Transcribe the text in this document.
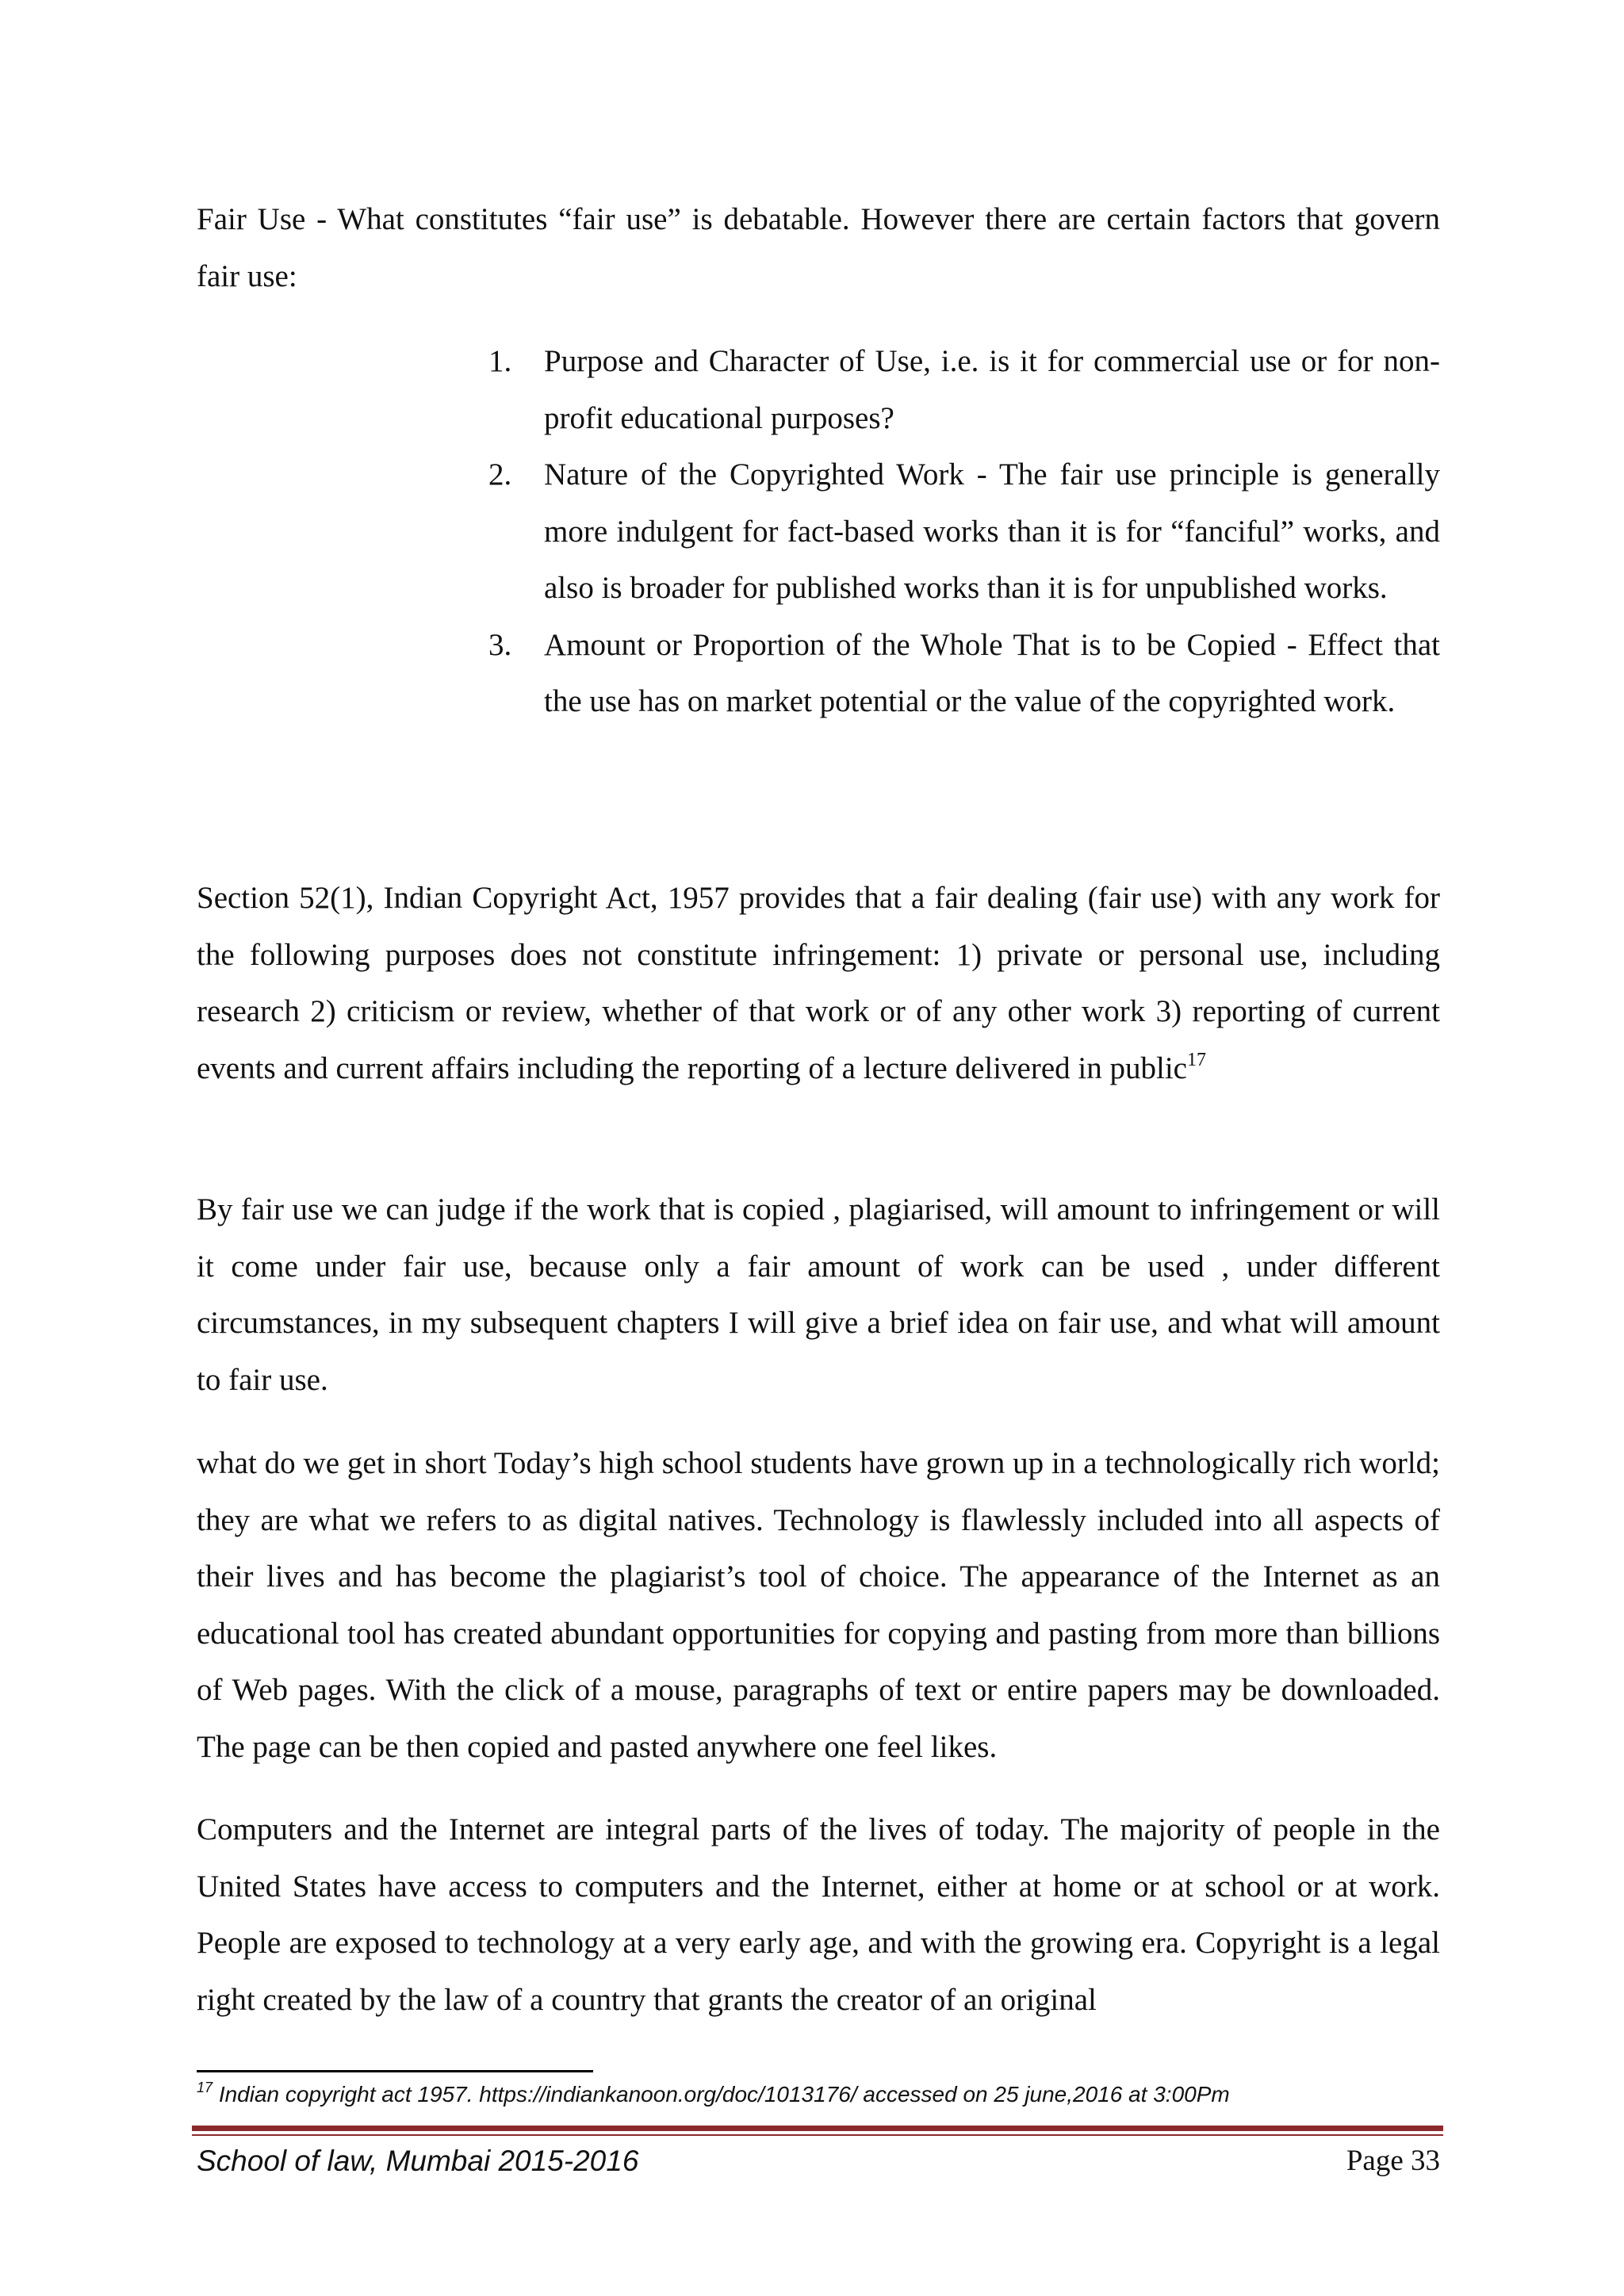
Fair Use - What constitutes “fair use” is debatable. However there are certain factors that govern fair use:

1. Purpose and Character of Use, i.e. is it for commercial use or for non-profit educational purposes?
2. Nature of the Copyrighted Work - The fair use principle is generally more indulgent for fact-based works than it is for “fanciful” works, and also is broader for published works than it is for unpublished works.
3. Amount or Proportion of the Whole That is to be Copied - Effect that the use has on market potential or the value of the copyrighted work.

Section 52(1), Indian Copyright Act, 1957 provides that a fair dealing (fair use) with any work for the following purposes does not constitute infringement: 1) private or personal use, including research 2) criticism or review, whether of that work or of any other work 3) reporting of current events and current affairs including the reporting of a lecture delivered in public$^{17}$

By fair use we can judge if the work that is copied , plagiarised, will amount to infringement or will it come under fair use, because only a fair amount of work can be used , under different circumstances, in my subsequent chapters I will give a brief idea on fair use, and what will amount to fair use.

what do we get in short Today’s high school students have grown up in a technologically rich world; they are what we refers to as digital natives. Technology is flawlessly included into all aspects of their lives and has become the plagiarist’s tool of choice. The appearance of the Internet as an educational tool has created abundant opportunities for copying and pasting from more than billions of Web pages. With the click of a mouse, paragraphs of text or entire papers may be downloaded. The page can be then copied and pasted anywhere one feel likes.

Computers and the Internet are integral parts of the lives of today. The majority of people in the United States have access to computers and the Internet, either at home or at school or at work. People are exposed to technology at a very early age, and with the growing era. Copyright is a legal right created by the law of a country that grants the creator of an original

$^{17}$ Indian copyright act 1957. https://indiankanoon.org/doc/1013176/ accessed on 25 june,2016 at 3:00Pm

School of law, Mumbai 2015-2016	Page 33
